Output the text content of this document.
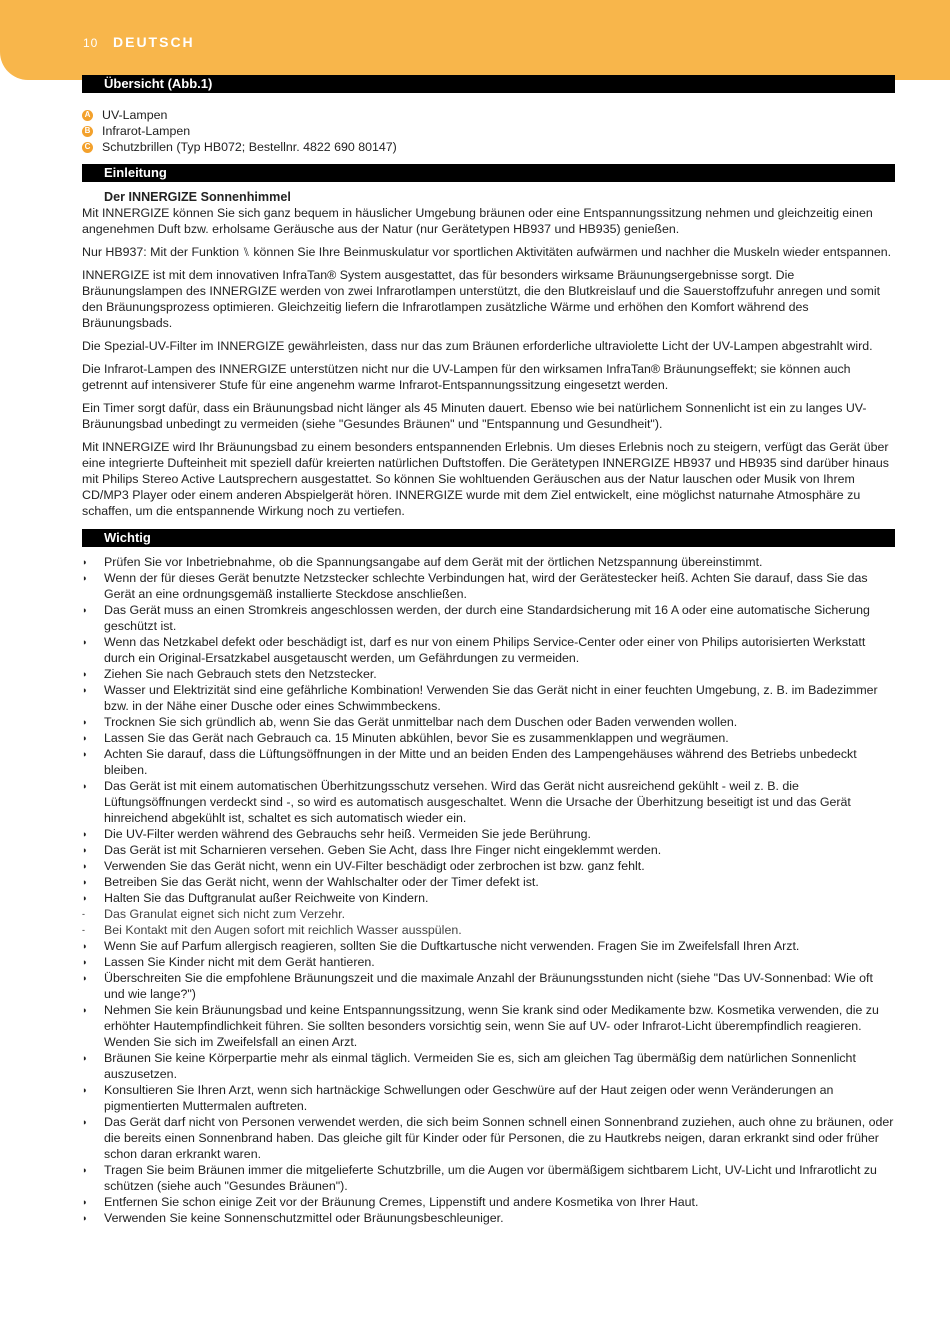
10 DEUTSCH
Übersicht (Abb.1)
A UV-Lampen
B Infrarot-Lampen
C Schutzbrillen (Typ HB072; Bestellnr. 4822 690 80147)
Einleitung
Der INNERGIZE Sonnenhimmel

Mit INNERGIZE können Sie sich ganz bequem in häuslicher Umgebung bräunen oder eine Entspannungssitzung nehmen und gleichzeitig einen angenehmen Duft bzw. erholsame Geräusche aus der Natur (nur Gerätetypen HB937 und HB935) genießen.

Nur HB937: Mit der Funktion ⑊ können Sie Ihre Beinmuskulatur vor sportlichen Aktivitäten aufwärmen und nachher die Muskeln wieder entspannen.

INNERGIZE ist mit dem innovativen InfraTan® System ausgestattet, das für besonders wirksame Bräunungsergebnisse sorgt. Die Bräunungslampen des INNERGIZE werden von zwei Infrarotlampen unterstützt, die den Blutkreislauf und die Sauerstoffzufuhr anregen und somit den Bräunungsprozess optimieren. Gleichzeitig liefern die Infrarotlampen zusätzliche Wärme und erhöhen den Komfort während des Bräunungsbads.

Die Spezial-UV-Filter im INNERGIZE gewährleisten, dass nur das zum Bräunen erforderliche ultraviolette Licht der UV-Lampen abgestrahlt wird.

Die Infrarot-Lampen des INNERGIZE unterstützen nicht nur die UV-Lampen für den wirksamen InfraTan® Bräunungseffekt; sie können auch getrennt auf intensiverer Stufe für eine angenehm warme Infrarot-Entspannungssitzung eingesetzt werden.

Ein Timer sorgt dafür, dass ein Bräunungsbad nicht länger als 45 Minuten dauert. Ebenso wie bei natürlichem Sonnenlicht ist ein zu langes UV-Bräunungsbad unbedingt zu vermeiden (siehe "Gesundes Bräunen" und "Entspannung und Gesundheit").

Mit INNERGIZE wird Ihr Bräunungsbad zu einem besonders entspannenden Erlebnis. Um dieses Erlebnis noch zu steigern, verfügt das Gerät über eine integrierte Dufteinheit mit speziell dafür kreierten natürlichen Duftstoffen. Die Gerätetypen INNERGIZE HB937 und HB935 sind darüber hinaus mit Philips Stereo Active Lautsprechern ausgestattet. So können Sie wohltuenden Geräuschen aus der Natur lauschen oder Musik von Ihrem CD/MP3 Player oder einem anderen Abspielgerät hören. INNERGIZE wurde mit dem Ziel entwickelt, eine möglichst naturnahe Atmosphäre zu schaffen, um die entspannende Wirkung noch zu vertiefen.

Wichtig
◗	Prüfen Sie vor Inbetriebnahme, ob die Spannungsangabe auf dem Gerät mit der örtlichen Netzspannung übereinstimmt.
◗	Wenn der für dieses Gerät benutzte Netzstecker schlechte Verbindungen hat, wird der Gerätestecker heiß. Achten Sie darauf, dass Sie das Gerät an eine ordnungsgemäß installierte Steckdose anschließen.
◗	Das Gerät muss an einen Stromkreis angeschlossen werden, der durch eine Standardsicherung mit 16 A oder eine automatische Sicherung geschützt ist.
◗	Wenn das Netzkabel defekt oder beschädigt ist, darf es nur von einem Philips Service-Center oder einer von Philips autorisierten Werkstatt durch ein Original-Ersatzkabel ausgetauscht werden, um Gefährdungen zu vermeiden.
◗	Ziehen Sie nach Gebrauch stets den Netzstecker.
◗	Wasser und Elektrizität sind eine gefährliche Kombination! Verwenden Sie das Gerät nicht in einer feuchten Umgebung, z. B. im Badezimmer bzw. in der Nähe einer Dusche oder eines Schwimmbeckens.
◗	Trocknen Sie sich gründlich ab, wenn Sie das Gerät unmittelbar nach dem Duschen oder Baden verwenden wollen.
◗	Lassen Sie das Gerät nach Gebrauch ca. 15 Minuten abkühlen, bevor Sie es zusammenklappen und wegräumen.
◗	Achten Sie darauf, dass die Lüftungsöffnungen in der Mitte und an beiden Enden des Lampengehäuses während des Betriebs unbedeckt bleiben.
◗	Das Gerät ist mit einem automatischen Überhitzungsschutz versehen. Wird das Gerät nicht ausreichend gekühlt - weil z. B. die Lüftungsöffnungen verdeckt sind -, so wird es automatisch ausgeschaltet. Wenn die Ursache der Überhitzung beseitigt ist und das Gerät hinreichend abgekühlt ist, schaltet es sich automatisch wieder ein.
◗	Die UV-Filter werden während des Gebrauchs sehr heiß. Vermeiden Sie jede Berührung.
◗	Das Gerät ist mit Scharnieren versehen. Geben Sie Acht, dass Ihre Finger nicht eingeklemmt werden.
◗	Verwenden Sie das Gerät nicht, wenn ein UV-Filter beschädigt oder zerbrochen ist bzw. ganz fehlt.
◗	Betreiben Sie das Gerät nicht, wenn der Wahlschalter oder der Timer defekt ist.
◗	Halten Sie das Duftgranulat außer Reichweite von Kindern.
-	Das Granulat eignet sich nicht zum Verzehr.
-	Bei Kontakt mit den Augen sofort mit reichlich Wasser ausspülen.
◗	Wenn Sie auf Parfum allergisch reagieren, sollten Sie die Duftkartusche nicht verwenden. Fragen Sie im Zweifelsfall Ihren Arzt.
◗	Lassen Sie Kinder nicht mit dem Gerät hantieren.
◗	Überschreiten Sie die empfohlene Bräunungszeit und die maximale Anzahl der Bräunungsstunden nicht (siehe "Das UV-Sonnenbad: Wie oft und wie lange?")
◗	Nehmen Sie kein Bräunungsbad und keine Entspannungssitzung, wenn Sie krank sind oder Medikamente bzw. Kosmetika verwenden, die zu erhöhter Hautempfindlichkeit führen. Sie sollten besonders vorsichtig sein, wenn Sie auf UV- oder Infrarot-Licht überempfindlich reagieren. Wenden Sie sich im Zweifelsfall an einen Arzt.
◗	Bräunen Sie keine Körperpartie mehr als einmal täglich. Vermeiden Sie es, sich am gleichen Tag übermäßig dem natürlichen Sonnenlicht auszusetzen.
◗	Konsultieren Sie Ihren Arzt, wenn sich hartnäckige Schwellungen oder Geschwüre auf der Haut zeigen oder wenn Veränderungen an pigmentierten Muttermalen auftreten.
◗	Das Gerät darf nicht von Personen verwendet werden, die sich beim Sonnen schnell einen Sonnenbrand zuziehen, auch ohne zu bräunen, oder die bereits einen Sonnenbrand haben. Das gleiche gilt für Kinder oder für Personen, die zu Hautkrebs neigen, daran erkrankt sind oder früher schon daran erkrankt waren.
◗	Tragen Sie beim Bräunen immer die mitgelieferte Schutzbrille, um die Augen vor übermäßigem sichtbarem Licht, UV-Licht und Infrarotlicht zu schützen (siehe auch "Gesundes Bräunen").
◗	Entfernen Sie schon einige Zeit vor der Bräunung Cremes, Lippenstift und andere Kosmetika von Ihrer Haut.
◗	Verwenden Sie keine Sonnenschutzmittel oder Bräunungsbeschleuniger.
